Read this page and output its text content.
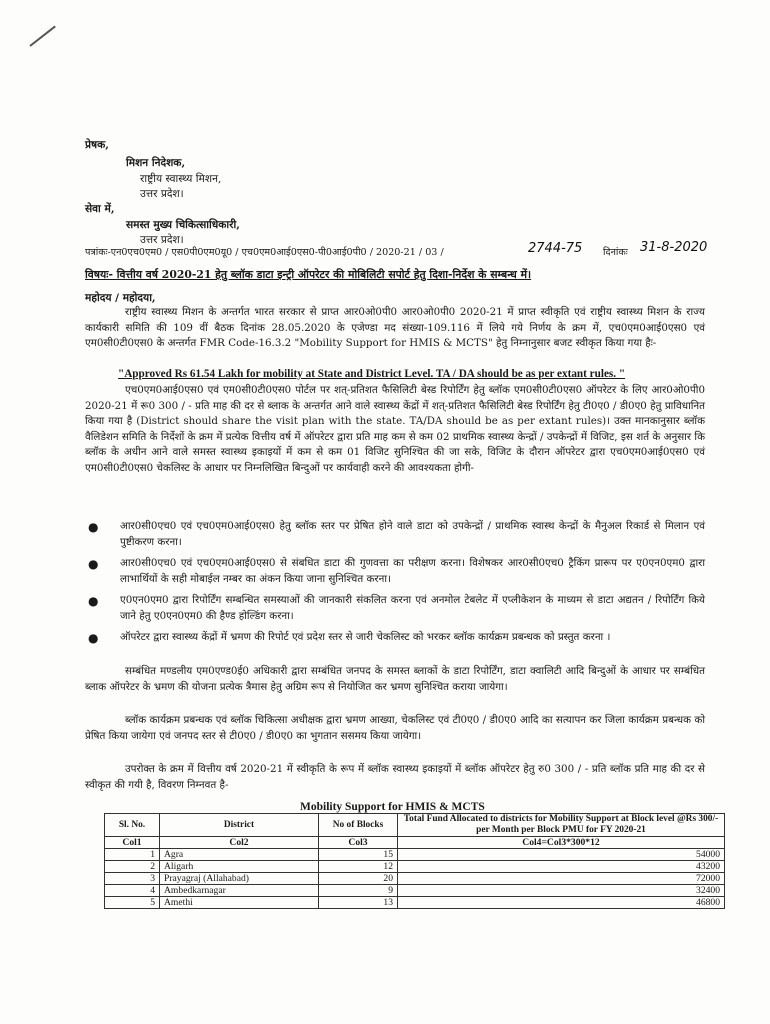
प्रेषक,
मिशन निदेशक,
राष्ट्रीय स्वास्थ्य मिशन,
उत्तर प्रदेश।
सेवा में,
समस्त मुख्य चिकित्साधिकारी,
उत्तर प्रदेश।
पत्रांकः-एन0एच0एम0 / एस0पी0एम0यू0 / एच0एम0आई0एस0-पी0आई0पी0 / 2020-21 / 03 /	2744-75 दिनांकः 31-8-2020
विषयः- वित्तीय वर्ष 2020-21 हेतु ब्लॉक डाटा इन्ट्री ऑपरेटर की मोबिलिटी सपोर्ट हेतु दिशा-निर्देश के सम्बन्ध में।
महोदय / महोदया,
राष्ट्रीय स्वास्थ्य मिशन के अन्तर्गत भारत सरकार से प्राप्त आर0ओ0पी0 आर0ओ0पी0 2020-21 में प्राप्त स्वीकृति एवं राष्ट्रीय स्वास्थ्य मिशन के राज्य कार्यकारी समिति की 109 वीं बैठक दिनांक 28.05.2020 के एजेण्डा मद संख्या-109.116 में लिये गये निर्णय के क्रम में, एच0एम0आई0एस0 एवं एम0सी0टी0एस0 के अन्तर्गत FMR Code-16.3.2 "Mobility Support for HMIS & MCTS" हेतु निम्नानुसार बजट स्वीकृत किया गया हैः-
"Approved Rs 61.54 Lakh for mobility at State and District Level. TA / DA should be as per extant rules. "
एच0एम0आई0एस0 एवं एम0सी0टी0एस0 पोर्टल पर शत्-प्रतिशत फैसिलिटी बेस्ड रिपोर्टिंग हेतु ब्लॉक एम0सी0टी0एस0 ऑपरेटर के लिए आर0ओ0पी0 2020-21 में रू0 300 / - प्रति माह की दर से ब्लाक के अन्तर्गत आने वाले स्वास्थ्य केंद्रों में शत्-प्रतिशत फैसिलिटी बेस्ड रिपोर्टिंग हेतु टी0ए0 / डी0ए0 हेतु प्राविधानित किया गया है (District should share the visit plan with the state. TA/DA should be as per extant rules)। उक्त मानकानुसार ब्लॉक वैलिडेशन समिति के निर्देशों के क्रम में प्रत्येक वित्तीय वर्ष में ऑपरेटर द्वारा प्रति माह कम से कम 02 प्राथमिक स्वास्थ्य केन्द्रों / उपकेन्द्रों में विजिट, इस शर्त के अनुसार कि ब्लॉक के अधीन आने वाले समस्त स्वास्थ्य इकाइयों में कम से कम 01 विजिट सुनिश्चित की जा सके, विजिट के दौरान ऑपरेटर द्वारा एच0एम0आई0एस0 एवं एम0सी0टी0एस0 चेकलिस्ट के आधार पर निम्नलिखित बिन्दुओं पर कार्यवाही करने की आवश्यकता होगी-
● आर0सी0एच0 एवं एच0एम0आई0एस0 हेतु ब्लॉक स्तर पर प्रेषित होने वाले डाटा को उपकेन्द्रों / प्राथमिक स्वास्थ केन्द्रों के मैनुअल रिकार्ड से मिलान एवं पुष्टीकरण करना।
● आर0सी0एच0 एवं एच0एम0आई0एस0 से संबधित डाटा की गुणवत्ता का परीक्षण करना। विशेषकर आर0सी0एच0 ट्रैकिंग प्रारूप पर ए0एन0एम0 द्वारा लाभार्थियों के सही मोबाईल नम्बर का अंकन किया जाना सुनिश्चित करना।
● ए0एन0एम0 द्वारा रिपोर्टिंग सम्बन्धित समस्याओं की जानकारी संकलित करना एवं अनमोल टेबलेट में एप्लीकेशन के माध्यम से डाटा अद्यतन / रिपोर्टिंग किये जाने हेतु ए0एन0एम0 की हैण्ड होल्डिंग करना।
● ऑपरेटर द्वारा स्वास्थ्य केंद्रों में भ्रमण की रिपोर्ट एवं प्रदेश स्तर से जारी चेकलिस्ट को भरकर ब्लॉक कार्यक्रम प्रबन्धक को प्रस्तुत करना ।
सम्बंधित मण्डलीय एम0एण्ड0ई0 अधिकारी द्वारा सम्बंधित जनपद के समस्त ब्लाकों के डाटा रिपोर्टिंग, डाटा क्वालिटी आदि बिन्दुओं के आधार पर सम्बंधित ब्लाक ऑपरेटर के भ्रमण की योजना प्रत्येक त्रैमास हेतु अग्रिम रूप से नियोजित कर भ्रमण सुनिश्चित कराया जायेगा।
ब्लॉक कार्यक्रम प्रबन्धक एवं ब्लॉक चिकित्सा अधीक्षक द्वारा भ्रमण आख्या, चेकलिस्ट एवं टी0ए0 / डी0ए0 आदि का सत्यापन कर जिला कार्यक्रम प्रबन्धक को प्रेषित किया जायेगा एवं जनपद स्तर से टी0ए0 / डी0ए0 का भुगतान ससमय किया जायेगा।
उपरोक्त के क्रम में वित्तीय वर्ष 2020-21 में स्वीकृति के रूप में ब्लॉक स्वास्थ्य इकाइयों में ब्लॉक ऑपरेटर हेतु रु0 300 / - प्रति ब्लॉक प्रति माह की दर से स्वीकृत की गयी है, विवरण निम्नवत है-
Mobility Support for HMIS & MCTS
Sl. No.	District	No of Blocks	Total Fund Allocated to districts for Mobility Support at Block level @Rs 300/- per Month per Block PMU for FY 2020-21
Col1	Col2	Col3	Col4=Col3*300*12
1	Agra	15	54000
2	Aligarh	12	43200
3	Prayagraj (Allahabad)	20	72000
4	Ambedkarnagar	9	32400
5	Amethi	13	46800
